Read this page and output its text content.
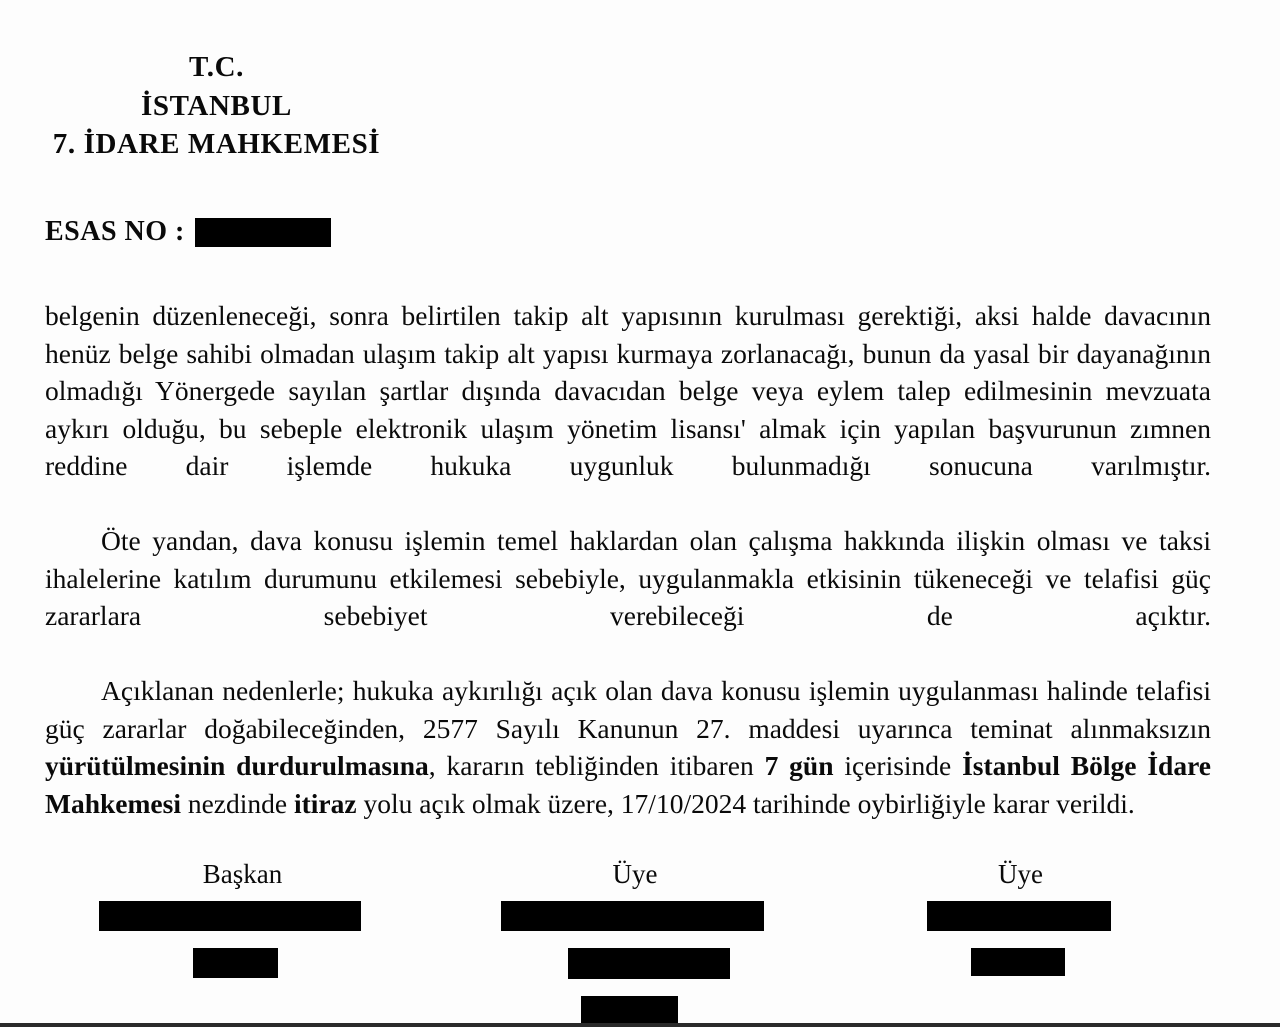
T.C.
İSTANBUL
7. İDARE MAHKEMESİ
ESAS NO :

belgenin düzenleneceği, sonra belirtilen takip alt yapısının kurulması gerektiği, aksi halde davacının henüz belge sahibi olmadan ulaşım takip alt yapısı kurmaya zorlanacağı, bunun da yasal bir dayanağının olmadığı Yönergede sayılan şartlar dışında davacıdan belge veya eylem talep edilmesinin mevzuata aykırı olduğu, bu sebeple elektronik ulaşım yönetim lisansı' almak için yapılan başvurunun zımnen reddine dair işlemde hukuka uygunluk bulunmadığı sonucuna varılmıştır.

Öte yandan, dava konusu işlemin temel haklardan olan çalışma hakkında ilişkin olması ve taksi ihalelerine katılım durumunu etkilemesi sebebiyle, uygulanmakla etkisinin tükeneceği ve telafisi güç zararlara sebebiyet verebileceği de açıktır.

Açıklanan nedenlerle; hukuka aykırılığı açık olan dava konusu işlemin uygulanması halinde telafisi güç zararlar doğabileceğinden, 2577 Sayılı Kanunun 27. maddesi uyarınca teminat alınmaksızın yürütülmesinin durdurulmasına, kararın tebliğinden itibaren 7 gün içerisinde İstanbul Bölge İdare Mahkemesi nezdinde itiraz yolu açık olmak üzere, 17/10/2024 tarihinde oybirliğiyle karar verildi.

Başkan	Üye	Üye
